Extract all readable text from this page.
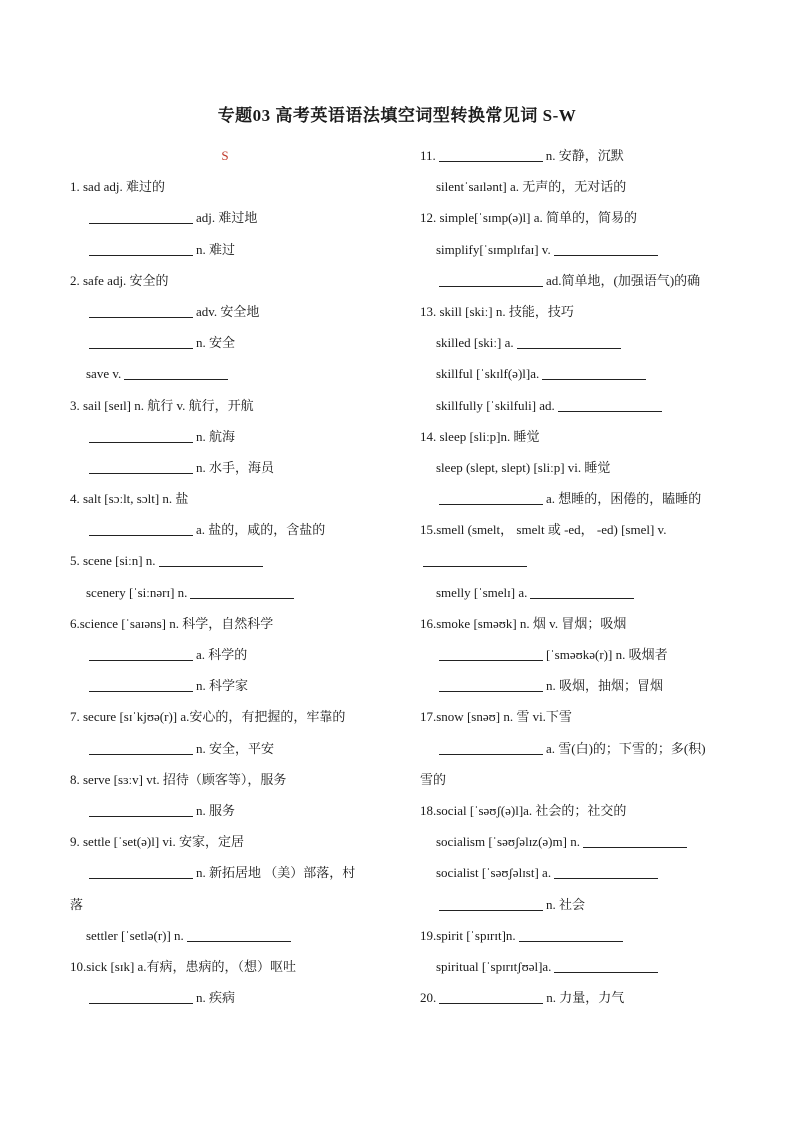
专题03 高考英语语法填空词型转换常见词 S-W
S
1. sad adj. 难过的
adj. 难过地
n. 难过
2. safe adj. 安全的
adv. 安全地
n. 安全
save v.
3. sail [seɪl] n. 航行 v. 航行，开航
n. 航海
n. 水手，海员
4. salt [sɔːlt, sɔlt] n. 盐
a. 盐的，咸的，含盐的
5. scene [siːn] n.
scenery [ˈsiːnərɪ] n.
6.science [ˈsaɪəns] n. 科学，自然科学
a. 科学的
n. 科学家
7. secure [sɪˈkjʊə(r)] a.安心的，有把握的，牢靠的
n. 安全，平安
8. serve [sɜːv] vt. 招待（顾客等），服务
n. 服务
9. settle [ˈset(ə)l] vi. 安家，定居
n. 新拓居地 （美）部落，村
落
settler [ˈsetlə(r)] n.
10.sick [sɪk] a.有病，患病的，（想）呕吐
n. 疾病
11.	n. 安静，沉默
silentˈsaɪlənt] a. 无声的，无对话的
12. simple[ˈsɪmp(ə)l] a. 简单的，简易的
simplify[ˈsɪmplɪfaɪ] v.
ad.简单地，(加强语气)的确
13. skill [skiː] n. 技能，技巧
skilled [skiː] a.
skillful [ˈskɪlf(ə)l]a.
skillfully [ˈskilfuli] ad.
14. sleep [sliːp]n. 睡觉
sleep (slept, slept) [sliːp] vi. 睡觉
a. 想睡的，困倦的，瞌睡的
15.smell (smelt， smelt 或 -ed， -ed) [smel] v.
smelly [ˈsmelɪ] a.
16.smoke [sməʊk] n. 烟 v. 冒烟；吸烟
[ˈsməʊkə(r)] n. 吸烟者
n. 吸烟，抽烟；冒烟
17.snow [snəʊ] n. 雪 vi.下雪
a. 雪(白)的；下雪的；多(积)
雪的
18.social [ˈsəʊʃ(ə)l]a. 社会的；社交的
socialism [ˈsəʊʃəlɪz(ə)m] n.
socialist [ˈsəʊʃəlɪst] a.
n. 社会
19.spirit [ˈspɪrɪt]n.
spiritual [ˈspɪrɪtʃʊəl]a.
20.	n. 力量，力气
